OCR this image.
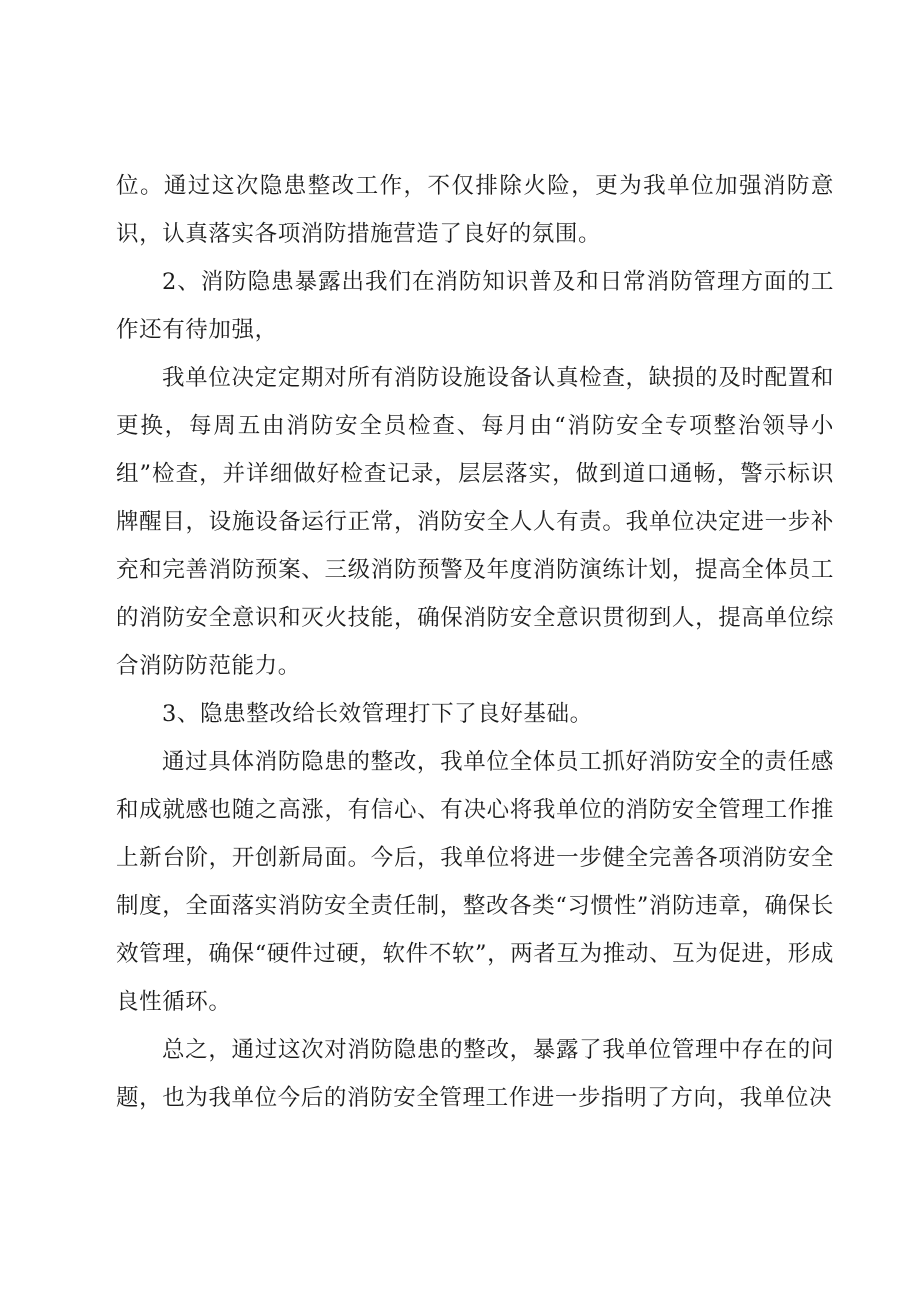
位。通过这次隐患整改工作，不仅排除火险，更为我单位加强消防意识，认真落实各项消防措施营造了良好的氛围。

2、消防隐患暴露出我们在消防知识普及和日常消防管理方面的工作还有待加强，

我单位决定定期对所有消防设施设备认真检查，缺损的及时配置和更换，每周五由消防安全员检查、每月由“消防安全专项整治领导小组”检查，并详细做好检查记录，层层落实，做到道口通畅，警示标识牌醒目，设施设备运行正常，消防安全人人有责。我单位决定进一步补充和完善消防预案、三级消防预警及年度消防演练计划，提高全体员工的消防安全意识和灭火技能，确保消防安全意识贯彻到人，提高单位综合消防防范能力。

3、隐患整改给长效管理打下了良好基础。

通过具体消防隐患的整改，我单位全体员工抓好消防安全的责任感和成就感也随之高涨，有信心、有决心将我单位的消防安全管理工作推上新台阶，开创新局面。今后，我单位将进一步健全完善各项消防安全制度，全面落实消防安全责任制，整改各类“习惯性”消防违章，确保长效管理，确保“硬件过硬，软件不软”，两者互为推动、互为促进，形成良性循环。

总之，通过这次对消防隐患的整改，暴露了我单位管理中存在的问题，也为我单位今后的消防安全管理工作进一步指明了方向，我单位决
